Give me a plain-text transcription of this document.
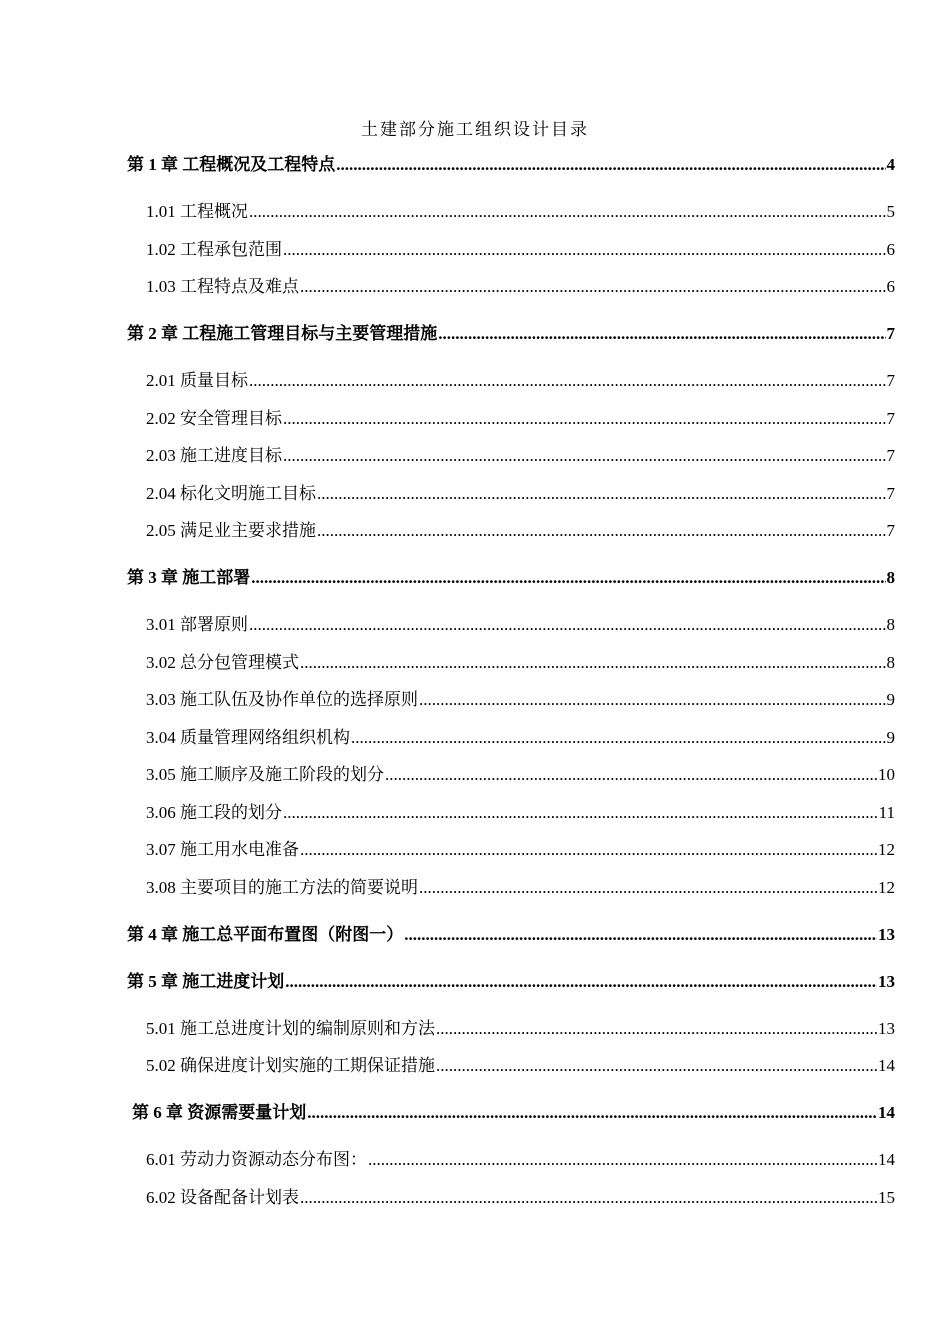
土建部分施工组织设计目录
第 1 章 工程概况及工程特点 .....	4
1.01 工程概况 .....	5
1.02 工程承包范围 .....	6
1.03 工程特点及难点 .....	6
第 2 章 工程施工管理目标与主要管理措施 .....	7
2.01 质量目标 .....	7
2.02 安全管理目标 .....	7
2.03 施工进度目标 .....	7
2.04 标化文明施工目标 .....	7
2.05 满足业主要求措施 .....	7
第 3 章 施工部署 .....	8
3.01 部署原则 .....	8
3.02 总分包管理模式 .....	8
3.03 施工队伍及协作单位的选择原则 .....	9
3.04 质量管理网络组织机构 .....	9
3.05 施工顺序及施工阶段的划分 .....	10
3.06 施工段的划分 .....	11
3.07 施工用水电准备 .....	12
3.08 主要项目的施工方法的简要说明 .....	12
第 4 章 施工总平面布置图（附图一） .....	13
第 5 章 施工进度计划 .....	13
5.01 施工总进度计划的编制原则和方法 .....	13
5.02 确保进度计划实施的工期保证措施 .....	14
第 6 章 资源需要量计划 .....	14
6.01 劳动力资源动态分布图： .....	14
6.02 设备配备计划表 .....	15
